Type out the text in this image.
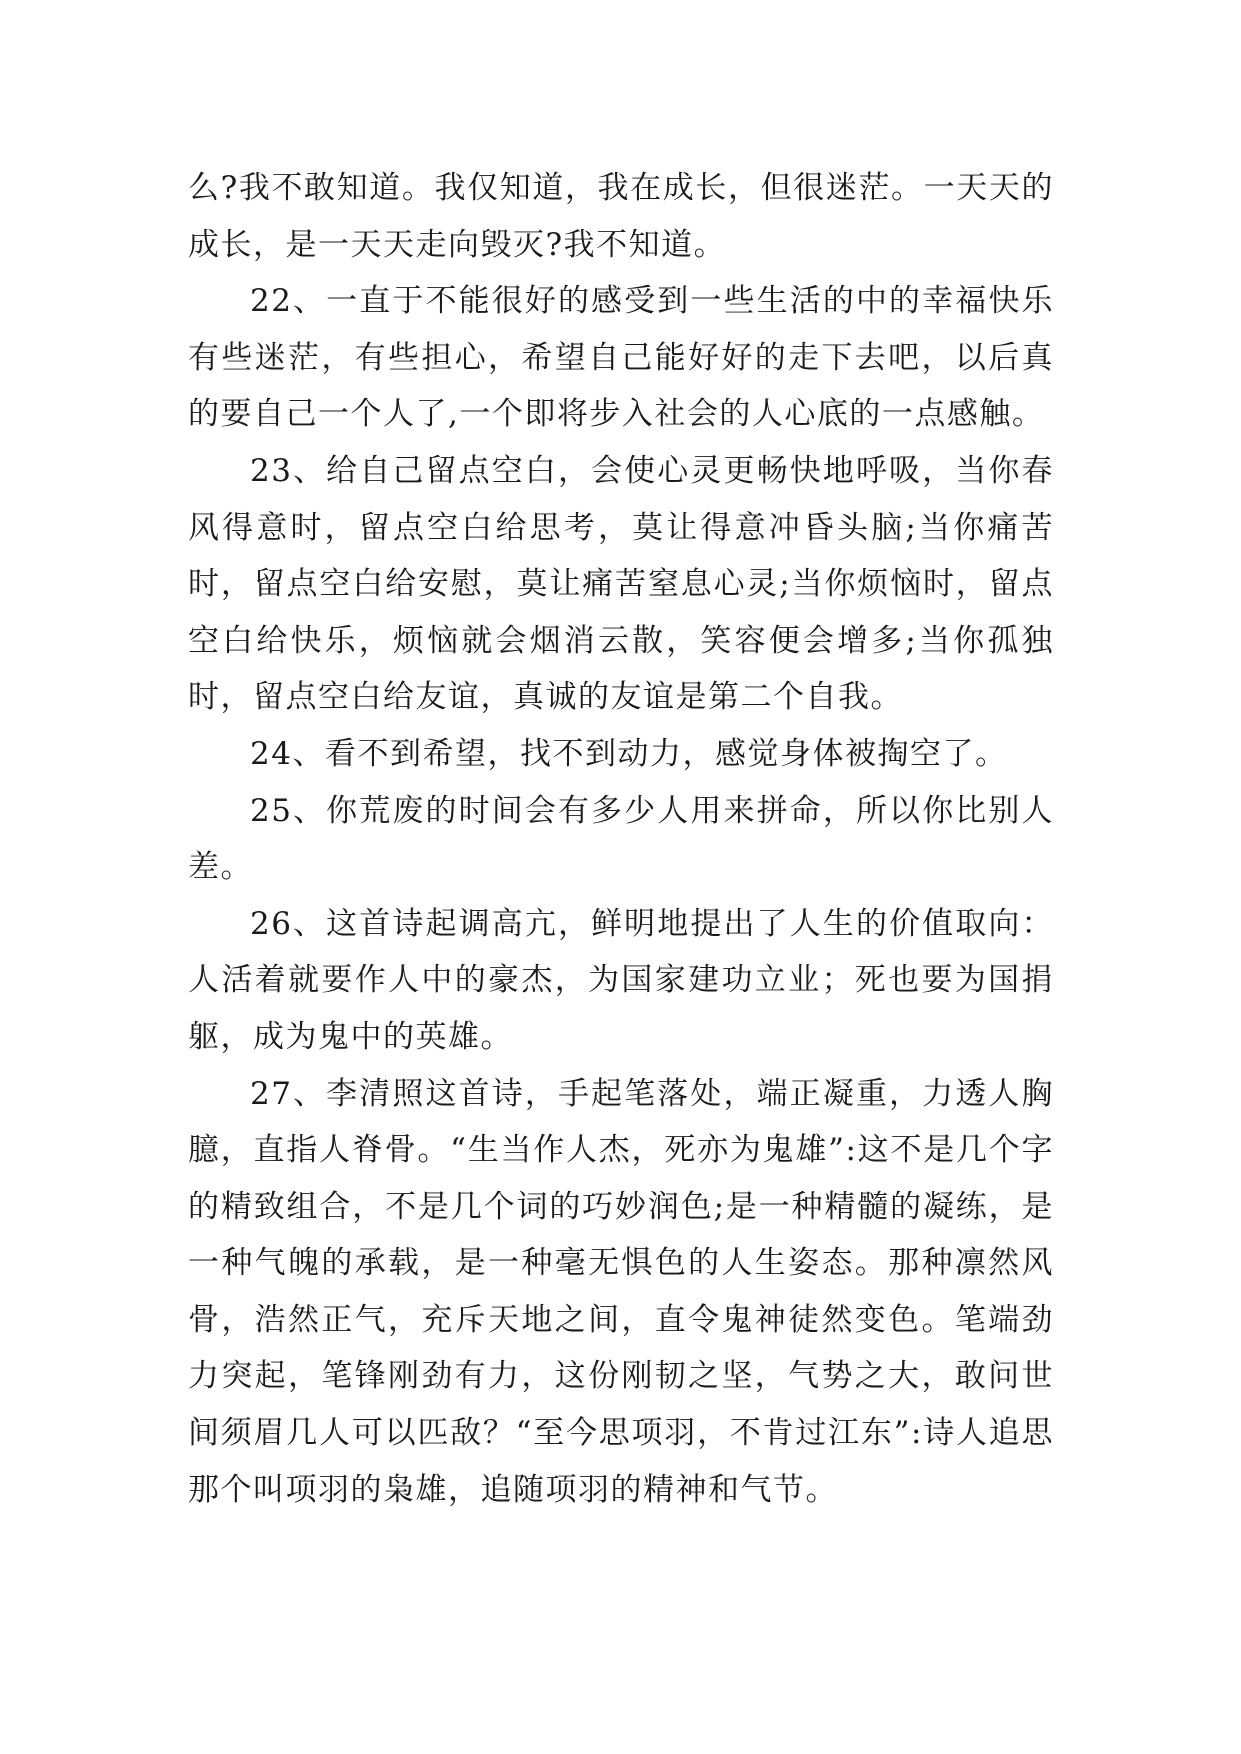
么?我不敢知道。我仅知道，我在成长，但很迷茫。一天天的成长，是一天天走向毁灭?我不知道。

22、一直于不能很好的感受到一些生活的中的幸福快乐有些迷茫，有些担心，希望自己能好好的走下去吧，以后真的要自己一个人了,一个即将步入社会的人心底的一点感触。

23、给自己留点空白，会使心灵更畅快地呼吸，当你春风得意时，留点空白给思考，莫让得意冲昏头脑;当你痛苦时，留点空白给安慰，莫让痛苦窒息心灵;当你烦恼时，留点空白给快乐，烦恼就会烟消云散，笑容便会增多;当你孤独时，留点空白给友谊，真诚的友谊是第二个自我。

24、看不到希望，找不到动力，感觉身体被掏空了。

25、你荒废的时间会有多少人用来拼命，所以你比别人差。

26、这首诗起调高亢，鲜明地提出了人生的价值取向：人活着就要作人中的豪杰，为国家建功立业；死也要为国捐躯，成为鬼中的英雄。

27、李清照这首诗，手起笔落处，端正凝重，力透人胸臆，直指人脊骨。“生当作人杰，死亦为鬼雄”:这不是几个字的精致组合，不是几个词的巧妙润色;是一种精髓的凝练，是一种气魄的承载，是一种毫无惧色的人生姿态。那种凛然风骨，浩然正气，充斥天地之间，直令鬼神徒然变色。笔端劲力突起，笔锋刚劲有力，这份刚韧之坚，气势之大，敢问世间须眉几人可以匹敌？“至今思项羽，不肯过江东”:诗人追思那个叫项羽的枭雄，追随项羽的精神和气节。
